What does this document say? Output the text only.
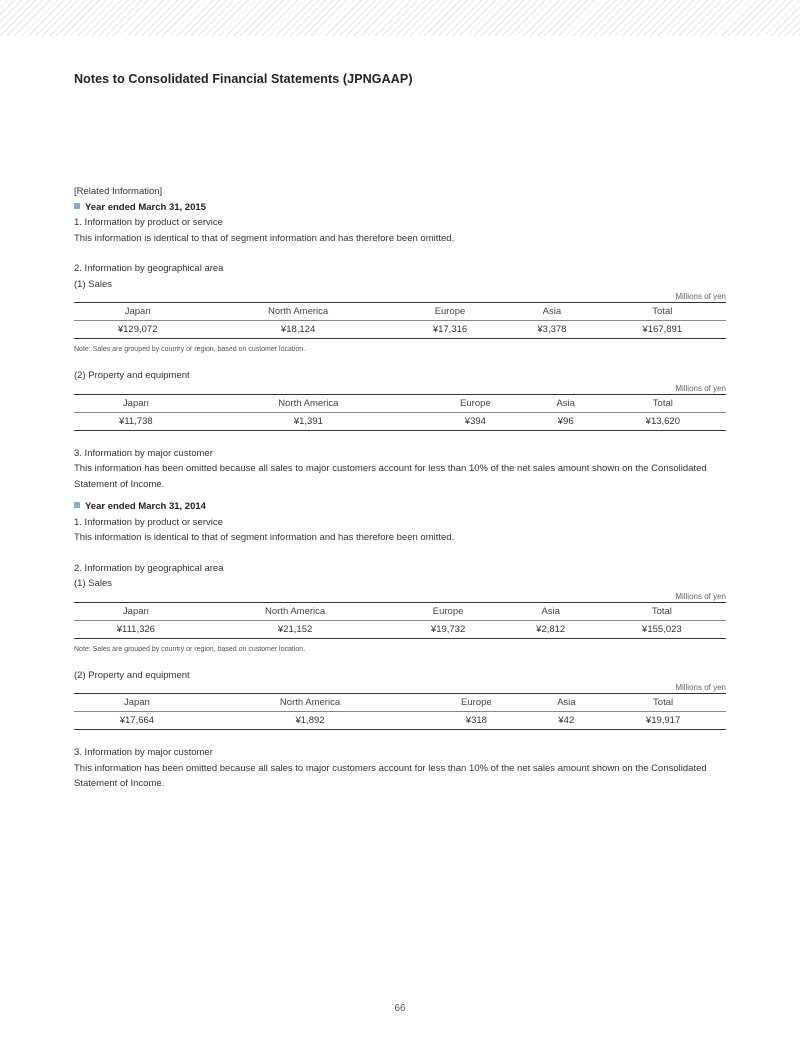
Notes to Consolidated Financial Statements (JPNGAAP)
[Related Information]
Year ended March 31, 2015
1. Information by product or service
This information is identical to that of segment information and has therefore been omitted.
2. Information by geographical area
(1) Sales
Millions of yen
Japan	North America	Europe	Asia	Total
¥129,072	¥18,124	¥17,316	¥3,378	¥167,891
Note: Sales are grouped by country or region, based on customer location.
(2) Property and equipment
Millions of yen
Japan	North America	Europe	Asia	Total
¥11,738	¥1,391	¥394	¥96	¥13,620
3. Information by major customer
This information has been omitted because all sales to major customers account for less than 10% of the net sales amount shown on the Consolidated
Statement of Income.
Year ended March 31, 2014
1. Information by product or service
This information is identical to that of segment information and has therefore been omitted.
2. Information by geographical area
(1) Sales
Millions of yen
Japan	North America	Europe	Asia	Total
¥111,326	¥21,152	¥19,732	¥2,812	¥155,023
Note: Sales are grouped by country or region, based on customer location.
(2) Property and equipment
Millions of yen
Japan	North America	Europe	Asia	Total
¥17,664	¥1,892	¥318	¥42	¥19,917
3. Information by major customer
This information has been omitted because all sales to major customers account for less than 10% of the net sales amount shown on the Consolidated
Statement of Income.
66
